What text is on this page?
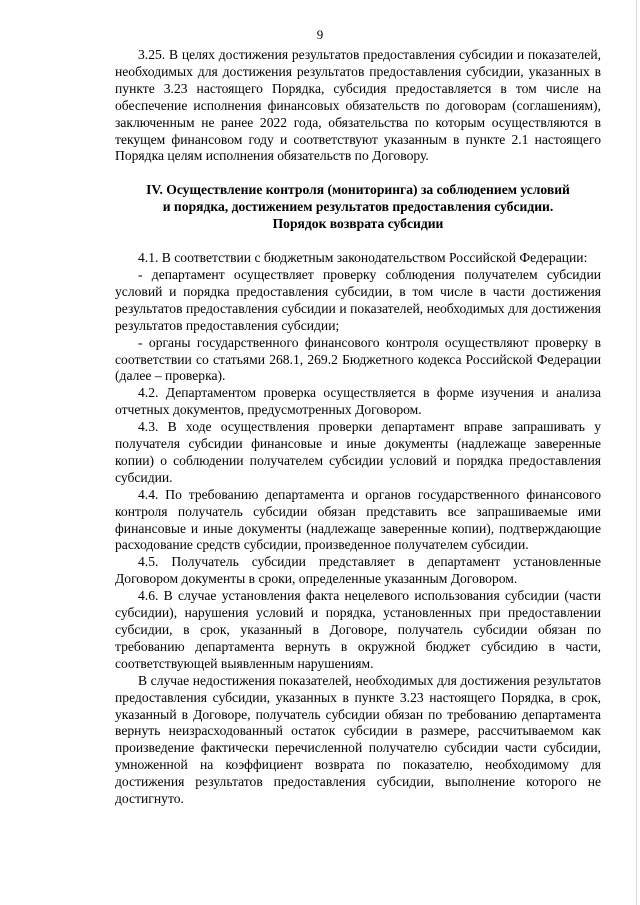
9

3.25. В целях достижения результатов предоставления субсидии и показателей, необходимых для достижения результатов предоставления субсидии, указанных в пункте 3.23 настоящего Порядка, субсидия предоставляется в том числе на обеспечение исполнения финансовых обязательств по договорам (соглашениям), заключенным не ранее 2022 года, обязательства по которым осуществляются в текущем финансовом году и соответствуют указанным в пункте 2.1 настоящего Порядка целям исполнения обязательств по Договору.

IV. Осуществление контроля (мониторинга) за соблюдением условий
и порядка, достижением результатов предоставления субсидии.
Порядок возврата субсидии

4.1. В соответствии с бюджетным законодательством Российской Федерации:

- департамент осуществляет проверку соблюдения получателем субсидии условий и порядка предоставления субсидии, в том числе в части достижения результатов предоставления субсидии и показателей, необходимых для достижения результатов предоставления субсидии;

- органы государственного финансового контроля осуществляют проверку в соответствии со статьями 268.1, 269.2 Бюджетного кодекса Российской Федерации (далее – проверка).

4.2. Департаментом проверка осуществляется в форме изучения и анализа отчетных документов, предусмотренных Договором.

4.3. В ходе осуществления проверки департамент вправе запрашивать у получателя субсидии финансовые и иные документы (надлежаще заверенные копии) о соблюдении получателем субсидии условий и порядка предоставления субсидии.

4.4. По требованию департамента и органов государственного финансового контроля получатель субсидии обязан представить все запрашиваемые ими финансовые и иные документы (надлежаще заверенные копии), подтверждающие расходование средств субсидии, произведенное получателем субсидии.

4.5. Получатель субсидии представляет в департамент установленные Договором документы в сроки, определенные указанным Договором.

4.6. В случае установления факта нецелевого использования субсидии (части субсидии), нарушения условий и порядка, установленных при предоставлении субсидии, в срок, указанный в Договоре, получатель субсидии обязан по требованию департамента вернуть в окружной бюджет субсидию в части, соответствующей выявленным нарушениям.

В случае недостижения показателей, необходимых для достижения результатов предоставления субсидии, указанных в пункте 3.23 настоящего Порядка, в срок, указанный в Договоре, получатель субсидии обязан по требованию департамента вернуть неизрасходованный остаток субсидии в размере, рассчитываемом как произведение фактически перечисленной получателю субсидии части субсидии, умноженной на коэффициент возврата по показателю, необходимому для достижения результатов предоставления субсидии, выполнение которого не достигнуто.
